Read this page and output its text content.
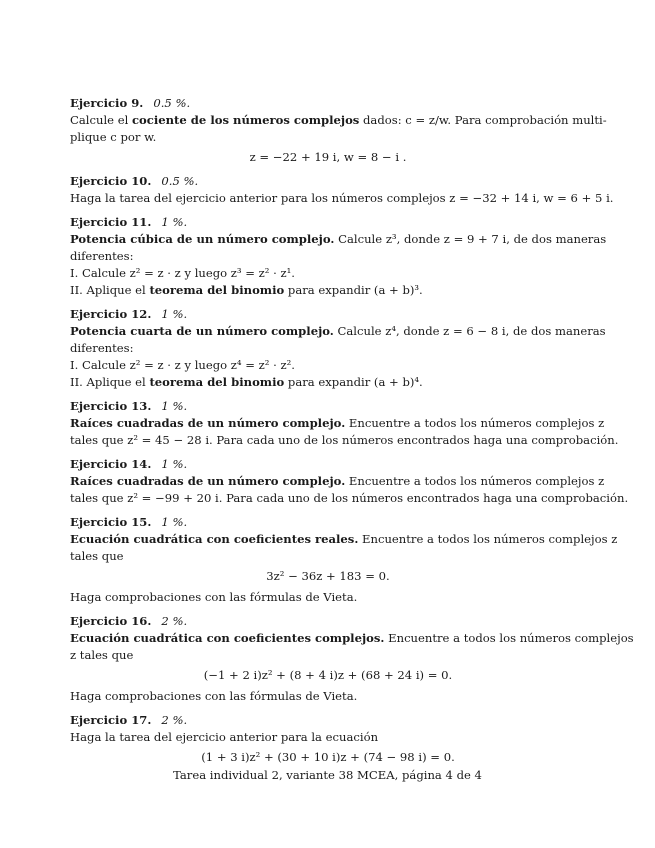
Ejercicio 9. 0.5 %.
Calcule el cociente de los números complejos dados: c = z/w. Para comprobación multi-
plique c por w.
z = −22 + 19 i, w = 8 − i .
Ejercicio 10. 0.5 %.
Haga la tarea del ejercicio anterior para los números complejos z = −32 + 14 i, w = 6 + 5 i.
Ejercicio 11. 1 %.
Potencia cúbica de un número complejo. Calcule z³, donde z = 9 + 7 i, de dos maneras
diferentes:
I. Calcule z² = z · z y luego z³ = z² · z¹.
II. Aplique el teorema del binomio para expandir (a + b)³.
Ejercicio 12. 1 %.
Potencia cuarta de un número complejo. Calcule z⁴, donde z = 6 − 8 i, de dos maneras
diferentes:
I. Calcule z² = z · z y luego z⁴ = z² · z².
II. Aplique el teorema del binomio para expandir (a + b)⁴.
Ejercicio 13. 1 %.
Raíces cuadradas de un número complejo. Encuentre a todos los números complejos z
tales que z² = 45 − 28 i. Para cada uno de los números encontrados haga una comprobación.
Ejercicio 14. 1 %.
Raíces cuadradas de un número complejo. Encuentre a todos los números complejos z
tales que z² = −99 + 20 i. Para cada uno de los números encontrados haga una comprobación.
Ejercicio 15. 1 %.
Ecuación cuadrática con coeficientes reales. Encuentre a todos los números complejos z
tales que
3z² − 36z + 183 = 0.
Haga comprobaciones con las fórmulas de Vieta.
Ejercicio 16. 2 %.
Ecuación cuadrática con coeficientes complejos. Encuentre a todos los números complejos
z tales que
(−1 + 2 i)z² + (8 + 4 i)z + (68 + 24 i) = 0.
Haga comprobaciones con las fórmulas de Vieta.
Ejercicio 17. 2 %.
Haga la tarea del ejercicio anterior para la ecuación
(1 + 3 i)z² + (30 + 10 i)z + (74 − 98 i) = 0.
Tarea individual 2, variante 38 MCEA, página 4 de 4
